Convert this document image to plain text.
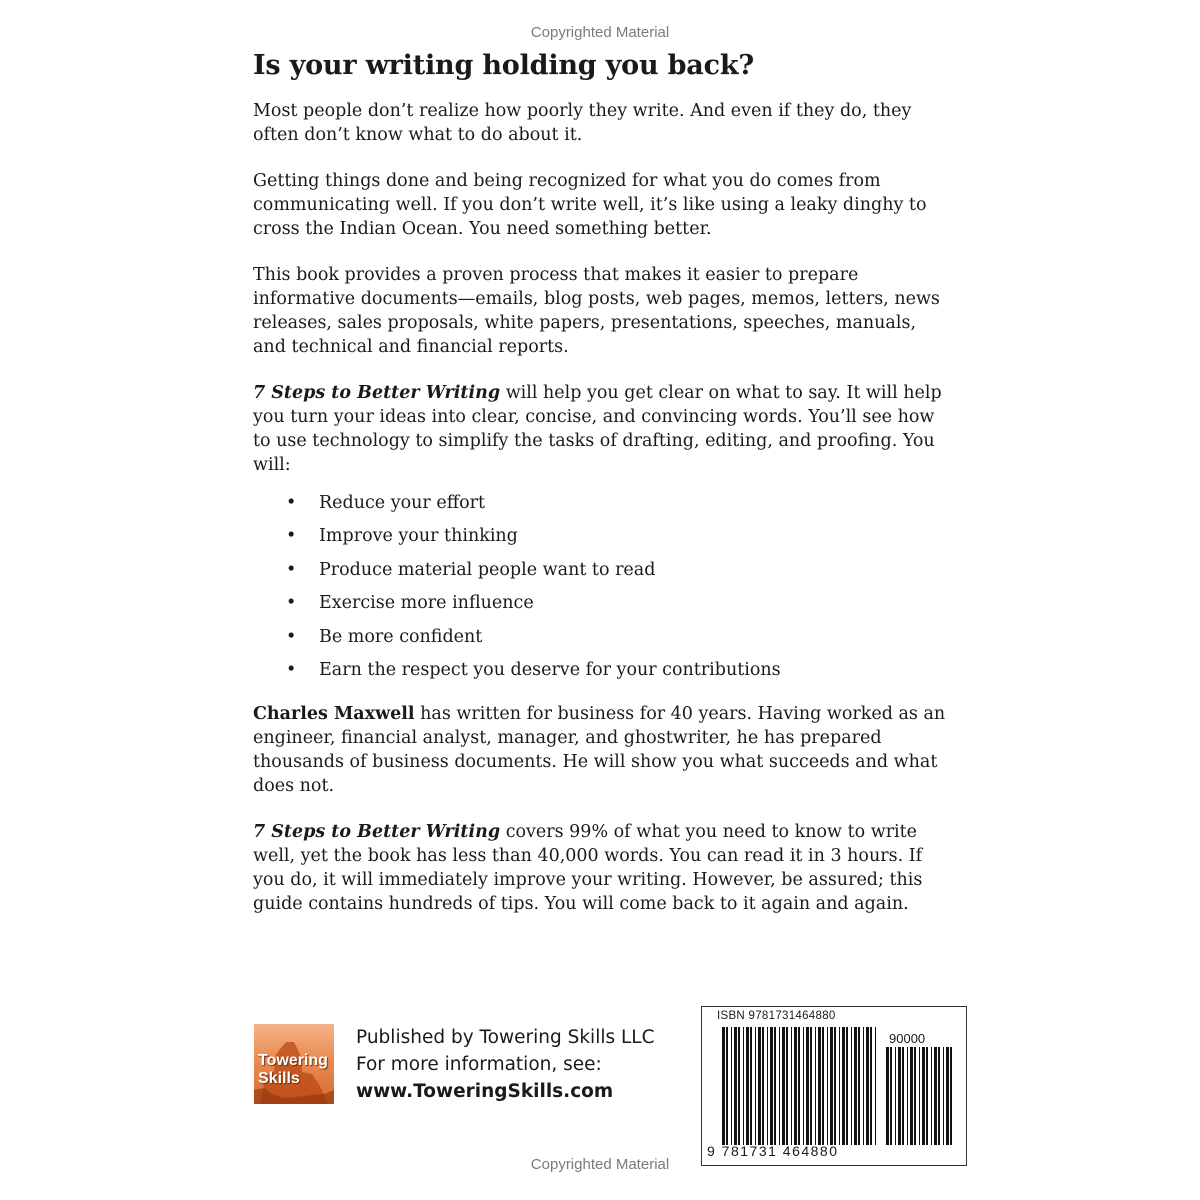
Copyrighted Material
Is your writing holding you back?

Most people don’t realize how poorly they write. And even if they do, they often don’t know what to do about it.

Getting things done and being recognized for what you do comes from communicating well. If you don’t write well, it’s like using a leaky dinghy to cross the Indian Ocean. You need something better.

This book provides a proven process that makes it easier to prepare informative documents—emails, blog posts, web pages, memos, letters, news releases, sales proposals, white papers, presentations, speeches, manuals, and technical and financial reports.

7 Steps to Better Writing will help you get clear on what to say. It will help you turn your ideas into clear, concise, and convincing words. You’ll see how to use technology to simplify the tasks of drafting, editing, and proofing. You will:

• Reduce your effort
• Improve your thinking
• Produce material people want to read
• Exercise more influence
• Be more confident
• Earn the respect you deserve for your contributions

Charles Maxwell has written for business for 40 years. Having worked as an engineer, financial analyst, manager, and ghostwriter, he has prepared thousands of business documents. He will show you what succeeds and what does not.

7 Steps to Better Writing covers 99% of what you need to know to write well, yet the book has less than 40,000 words. You can read it in 3 hours. If you do, it will immediately improve your writing. However, be assured; this guide contains hundreds of tips. You will come back to it again and again.

Towering
Skills
Published by Towering Skills LLC
For more information, see:
www.ToweringSkills.com
ISBN 9781731464880
90000
9 781731 464880
Copyrighted Material
